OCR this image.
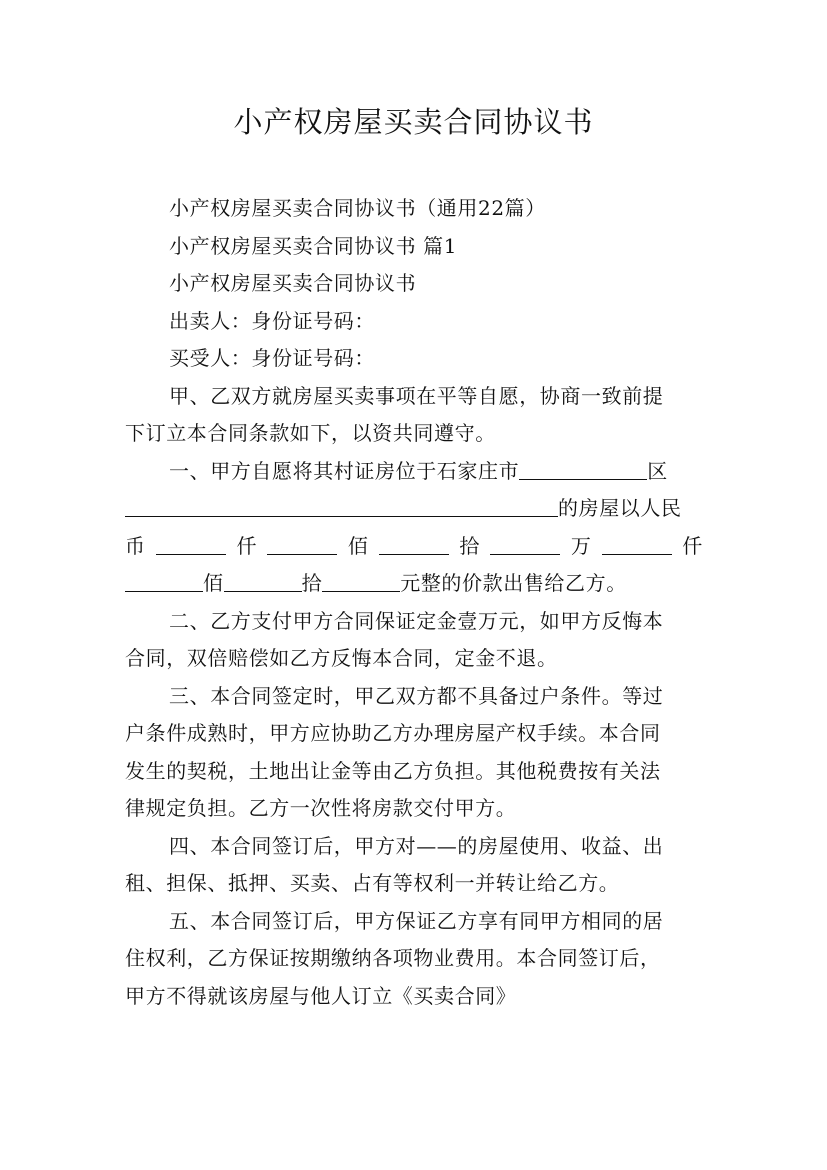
小产权房屋买卖合同协议书
小产权房屋买卖合同协议书（通用22篇）
小产权房屋买卖合同协议书 篇1
小产权房屋买卖合同协议书
出卖人：身份证号码：
买受人：身份证号码：
甲、乙双方就房屋买卖事项在平等自愿，协商一致前提
下订立本合同条款如下，以资共同遵守。
一、甲方自愿将其村证房位于石家庄市	区
的房屋以人民
币	仟	佰	拾	万	仟
佰	拾	元整的价款出售给乙方。
二、乙方支付甲方合同保证定金壹万元，如甲方反悔本
合同，双倍赔偿如乙方反悔本合同，定金不退。
三、本合同签定时，甲乙双方都不具备过户条件。等过
户条件成熟时，甲方应协助乙方办理房屋产权手续。本合同
发生的契税，土地出让金等由乙方负担。其他税费按有关法
律规定负担。乙方一次性将房款交付甲方。
四、本合同签订后，甲方对——的房屋使用、收益、出
租、担保、抵押、买卖、占有等权利一并转让给乙方。
五、本合同签订后，甲方保证乙方享有同甲方相同的居
住权利，乙方保证按期缴纳各项物业费用。本合同签订后，
甲方不得就该房屋与他人订立《买卖合同》
